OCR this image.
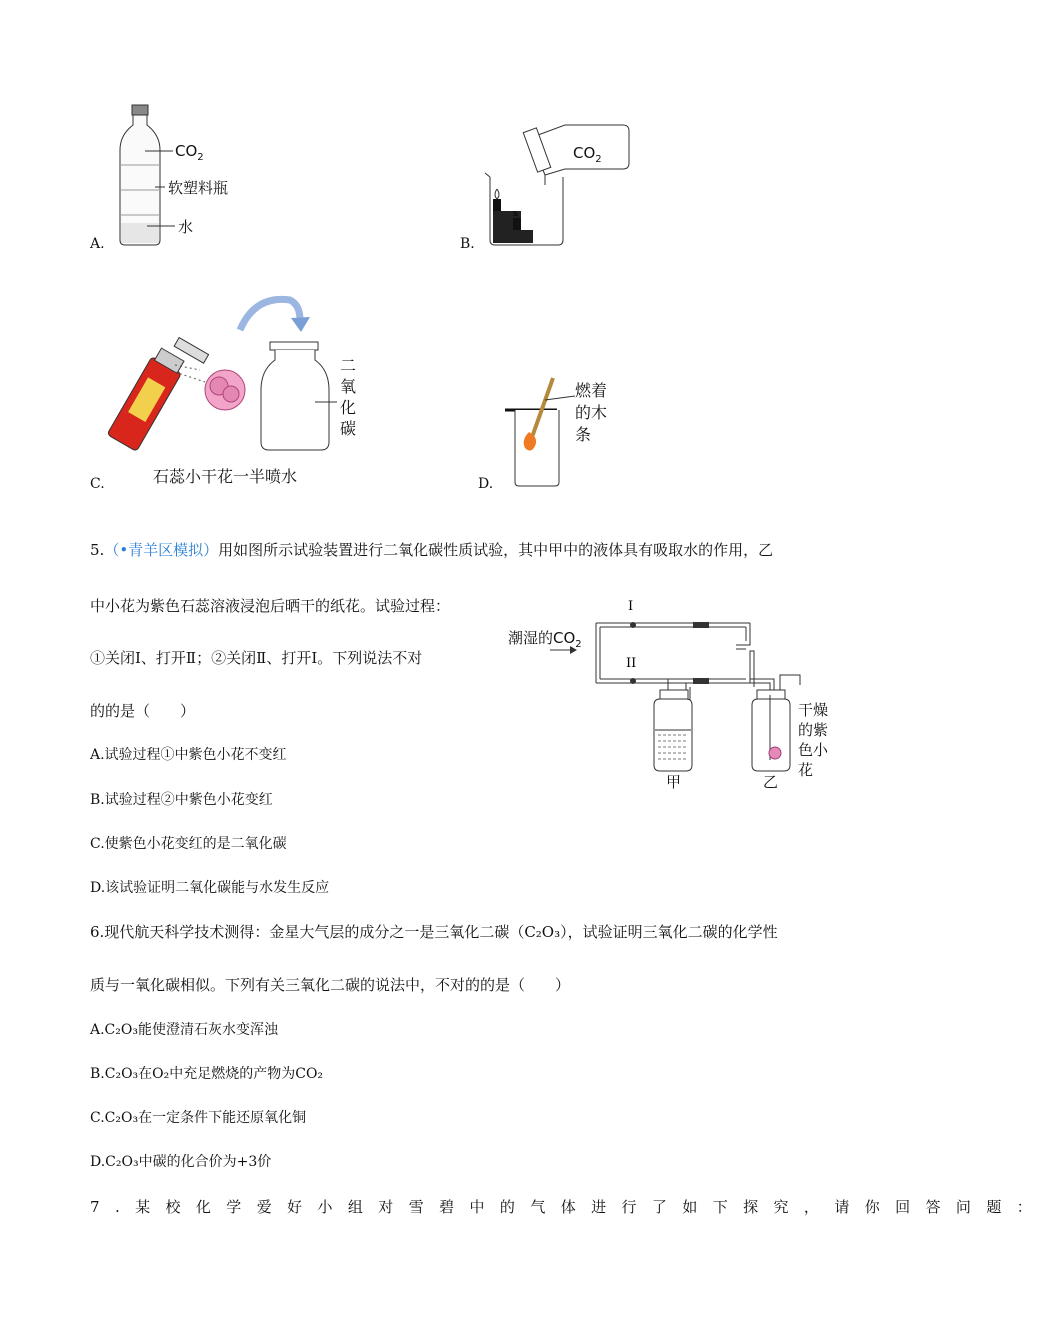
$CO_2$
软塑料瓶
水
A.
$CO_2$
s
B.
二
氧
化
碳
石蕊小干花一半喷水
C.
燃着
的木
条
D.
5.（•青羊区模拟）用如图所示试验装置进行二氧化碳性质试验，其中甲中的液体具有吸取水的作用，乙
中小花为紫色石蕊溶液浸泡后晒干的纸花。试验过程：
①关闭Ⅰ、打开Ⅱ；②关闭Ⅱ、打开Ⅰ。下列说法不对
的的是（　　）
A.试验过程①中紫色小花不变红
B.试验过程②中紫色小花变红
C.使紫色小花变红的是二氧化碳
D.该试验证明二氧化碳能与水发生反应
潮湿的$CO_2$
I
II
甲	乙
干燥
的紫
色小
花
6.现代航天科学技术测得：金星大气层的成分之一是三氧化二碳（C₂O₃），试验证明三氧化二碳的化学性
质与一氧化碳相似。下列有关三氧化二碳的说法中，不对的的是（　　）
A.C₂O₃能使澄清石灰水变浑浊
B.C₂O₃在O₂中充足燃烧的产物为CO₂
C.C₂O₃在一定条件下能还原氧化铜
D.C₂O₃中碳的化合价为+3价
7.某校化学爱好小组对雪碧中的气体进行了如下探究，请你回答问题：
